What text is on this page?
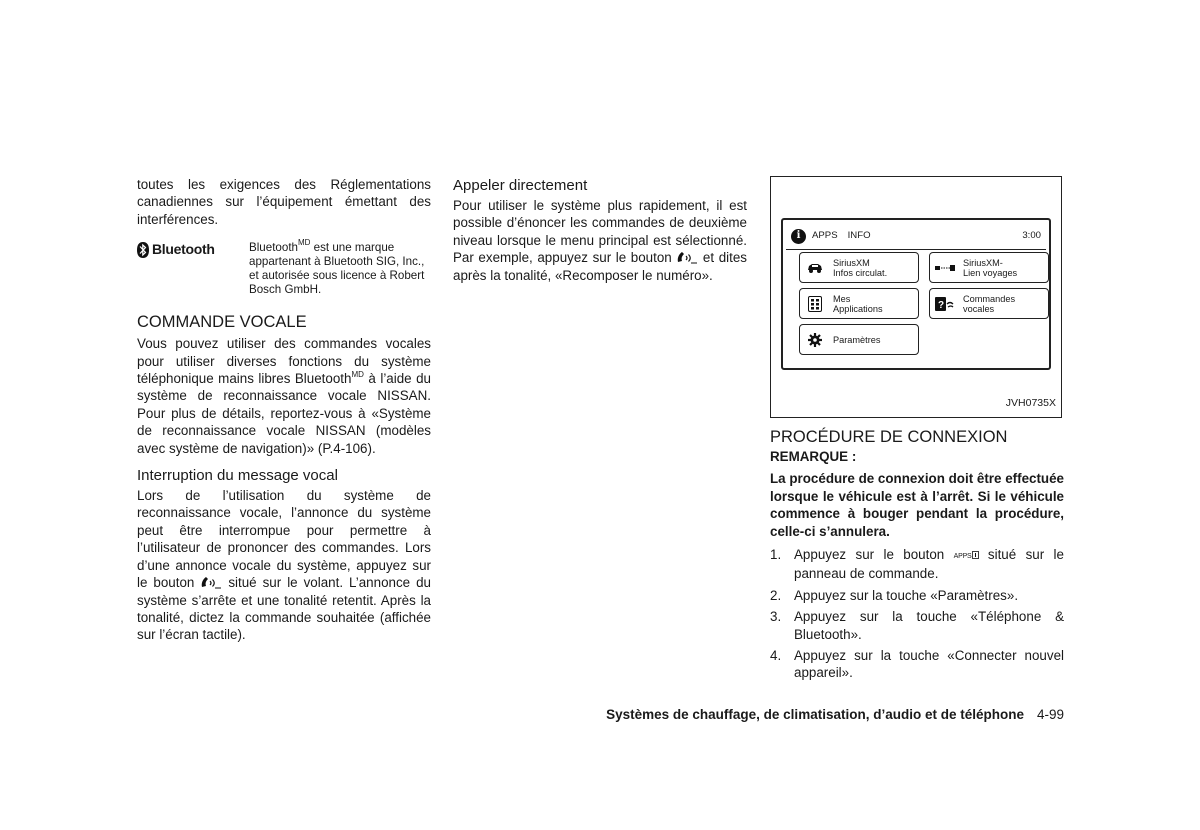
toutes les exigences des Réglementations canadiennes sur l’équipement émettant des interférences.

Bluetooth	Bluetooth$^{MD}$ est une marque appartenant à Bluetooth SIG, Inc., et autorisée sous licence à Robert Bosch GmbH.
COMMANDE VOCALE

Vous pouvez utiliser des commandes vocales pour utiliser diverses fonctions du système téléphonique mains libres Bluetooth$^{MD}$ à l’aide du système de reconnaissance vocale NISSAN. Pour plus de détails, reportez-vous à «Système de reconnaissance vocale NISSAN (modèles avec système de navigation)» (P.4-106).

Interruption du message vocal

Lors de l’utilisation du système de reconnaissance vocale, l’annonce du système peut être interrompue pour permettre à l’utilisateur de prononcer des commandes. Lors d’une annonce vocale du système, appuyez sur le bouton  situé sur le volant. L’annonce du système s’arrête et une tonalité retentit. Après la tonalité, dictez la commande souhaitée (affichée sur l’écran tactile).

Appeler directement

Pour utiliser le système plus rapidement, il est possible d’énoncer les commandes de deuxième niveau lorsque le menu principal est sélectionné. Par exemple, appuyez sur le bouton  et dites après la tonalité, «Recomposer le numéro».

i	APPS INFO	3:00
SiriusXM
Infos circulat.
SiriusXM-
Lien voyages
Mes
Applications	?
Commandes
vocales
Paramètres
JVH0735X
PROCÉDURE DE CONNEXION

REMARQUE :

La procédure de connexion doit être effectuée lorsque le véhicule est à l’arrêt. Si le véhicule commence à bouger pendant la procédure, celle-ci s’annulera.

1. Appuyez sur le bouton APPS situé sur le panneau de commande.
2. Appuyez sur la touche «Paramètres».
3. Appuyez sur la touche «Téléphone & Bluetooth».
4. Appuyez sur la touche «Connecter nouvel appareil».
Systèmes de chauffage, de climatisation, d’audio et de téléphone 4-99
